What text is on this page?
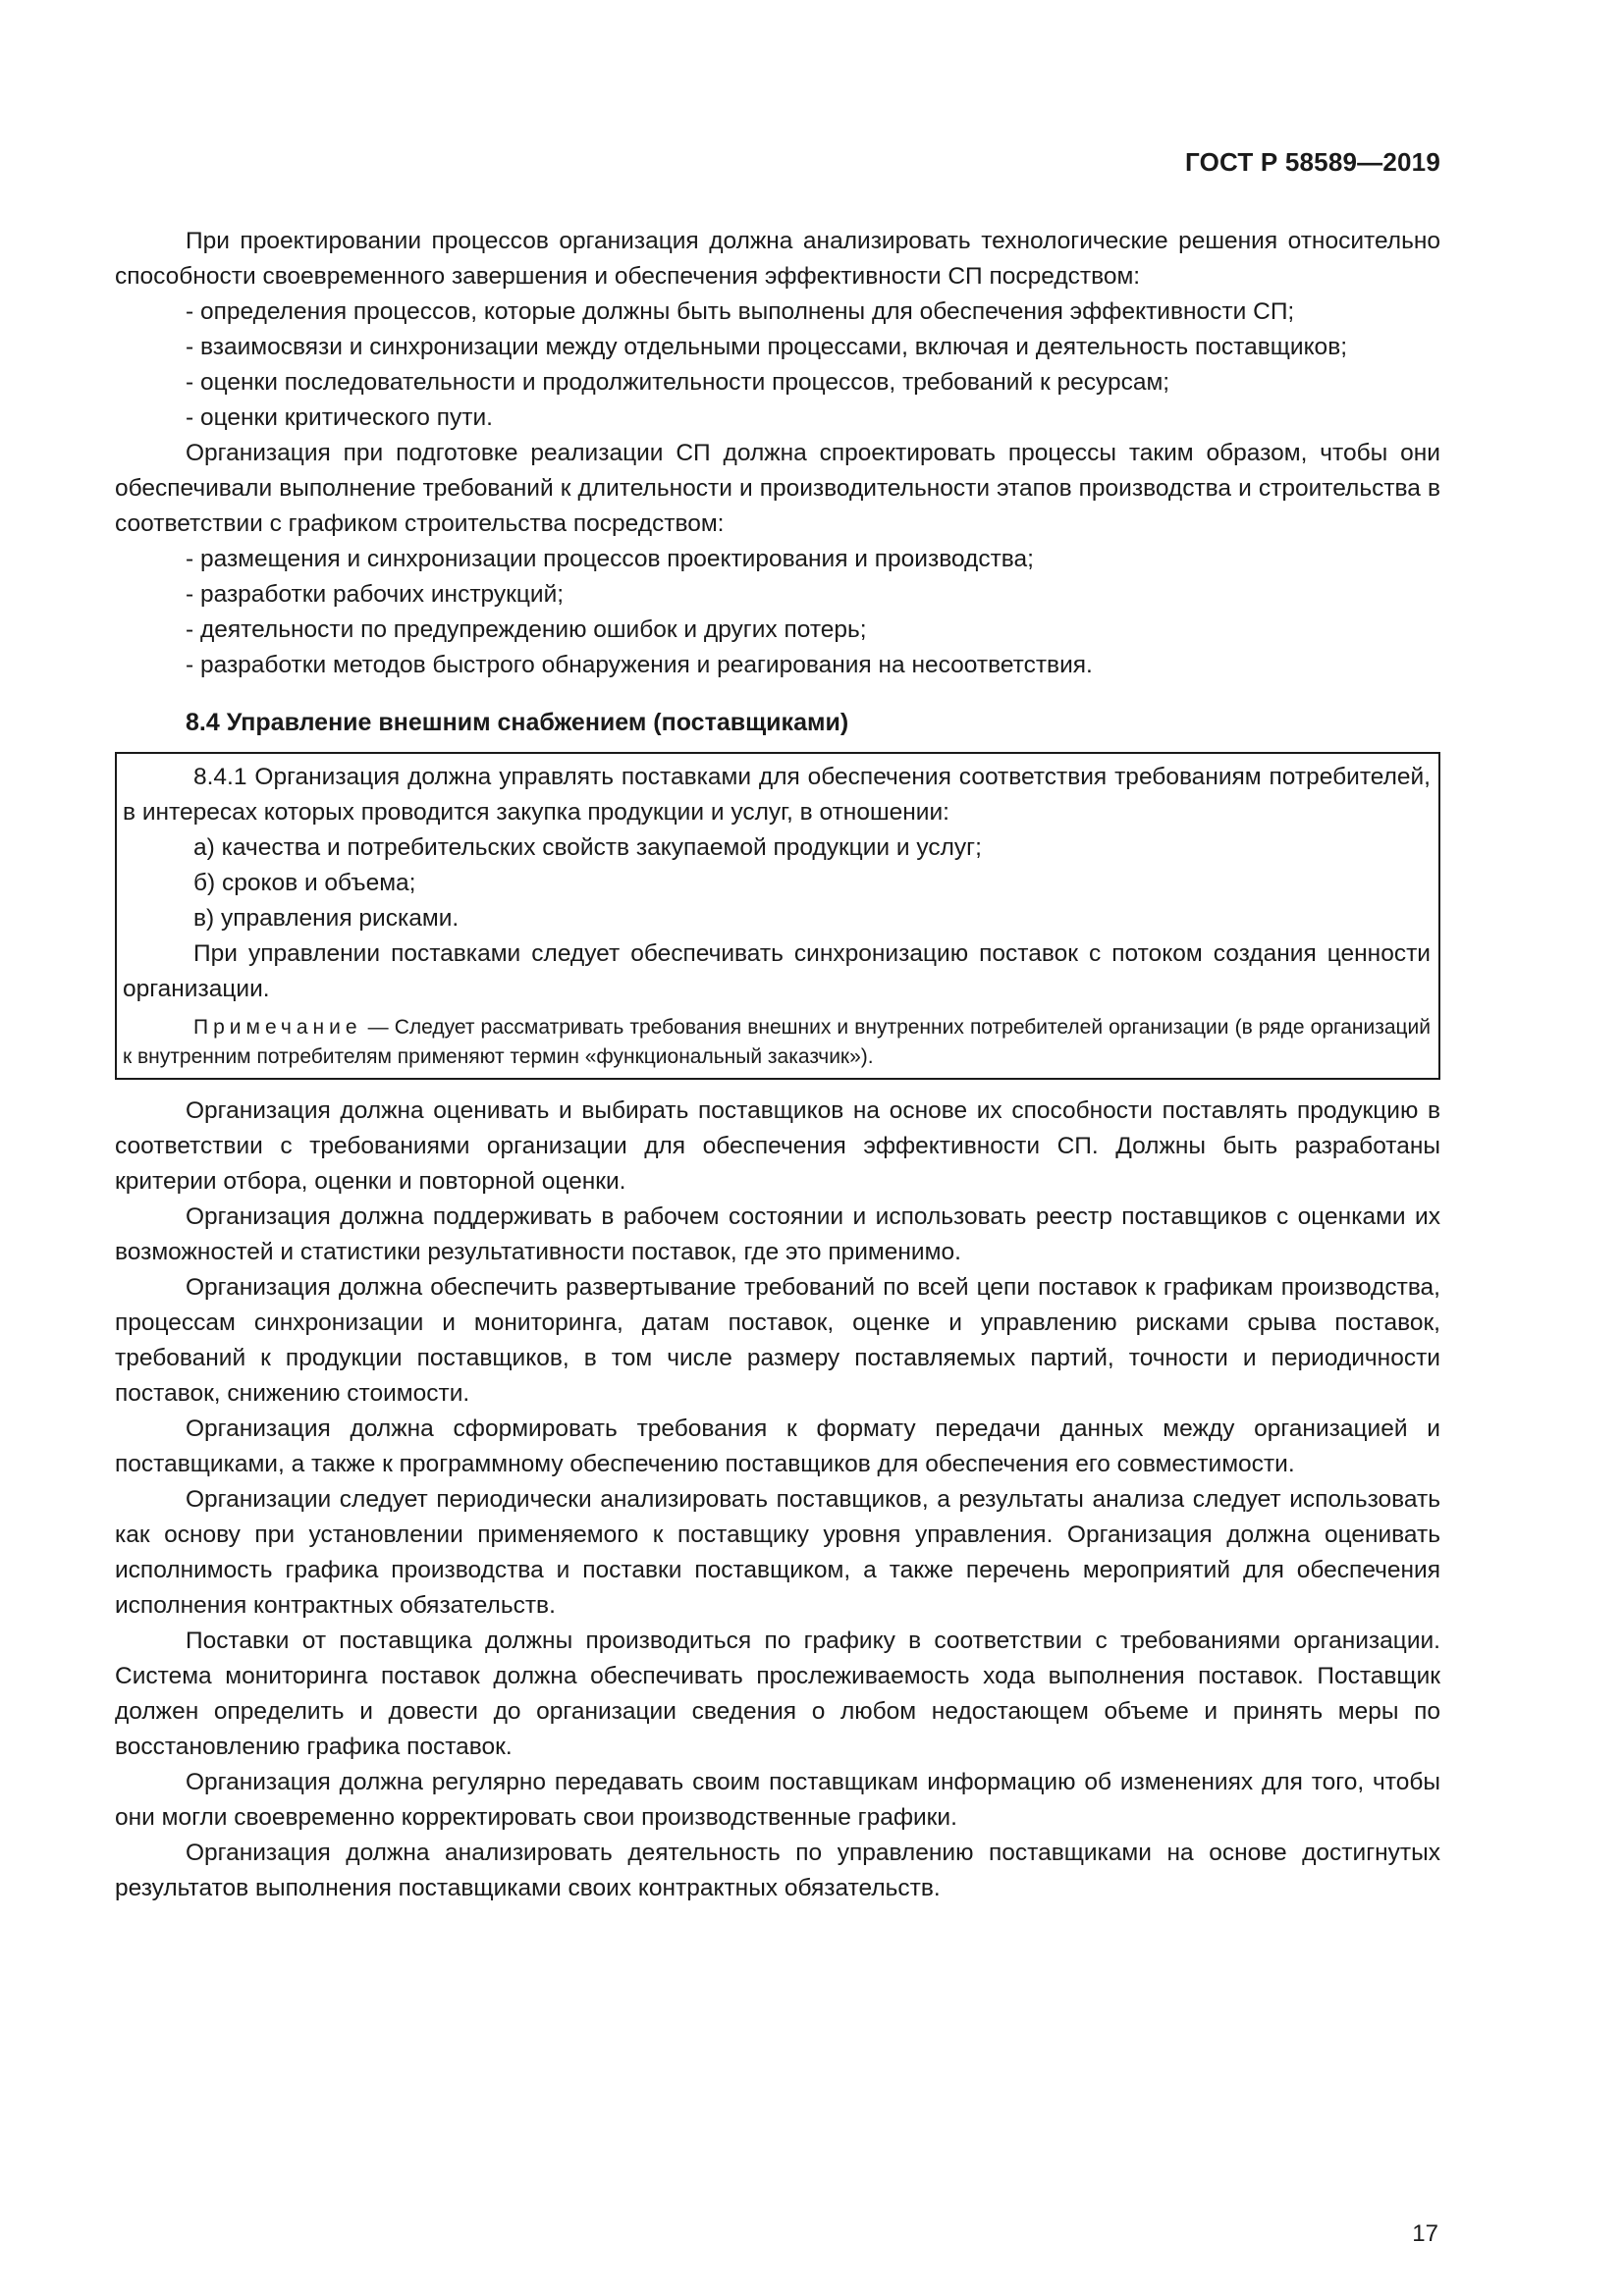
ГОСТ Р 58589—2019

При проектировании процессов организация должна анализировать технологические решения относительно способности своевременного завершения и обеспечения эффективности СП посредством:

- определения процессов, которые должны быть выполнены для обеспечения эффективности СП;

- взаимосвязи и синхронизации между отдельными процессами, включая и деятельность поставщиков;

- оценки последовательности и продолжительности процессов, требований к ресурсам;

- оценки критического пути.

Организация при подготовке реализации СП должна спроектировать процессы таким образом, чтобы они обеспечивали выполнение требований к длительности и производительности этапов производства и строительства в соответствии с графиком строительства посредством:

- размещения и синхронизации процессов проектирования и производства;

- разработки рабочих инструкций;

- деятельности по предупреждению ошибок и других потерь;

- разработки методов быстрого обнаружения и реагирования на несоответствия.

8.4 Управление внешним снабжением (поставщиками)

8.4.1 Организация должна управлять поставками для обеспечения соответствия требованиям потребителей, в интересах которых проводится закупка продукции и услуг, в отношении:

а) качества и потребительских свойств закупаемой продукции и услуг;

б) сроков и объема;

в) управления рисками.

При управлении поставками следует обеспечивать синхронизацию поставок с потоком создания ценности организации.

Примечание — Следует рассматривать требования внешних и внутренних потребителей организации (в ряде организаций к внутренним потребителям применяют термин «функциональный заказчик»).

Организация должна оценивать и выбирать поставщиков на основе их способности поставлять продукцию в соответствии с требованиями организации для обеспечения эффективности СП. Должны быть разработаны критерии отбора, оценки и повторной оценки.

Организация должна поддерживать в рабочем состоянии и использовать реестр поставщиков с оценками их возможностей и статистики результативности поставок, где это применимо.

Организация должна обеспечить развертывание требований по всей цепи поставок к графикам производства, процессам синхронизации и мониторинга, датам поставок, оценке и управлению рисками срыва поставок, требований к продукции поставщиков, в том числе размеру поставляемых партий, точности и периодичности поставок, снижению стоимости.

Организация должна сформировать требования к формату передачи данных между организацией и поставщиками, а также к программному обеспечению поставщиков для обеспечения его совместимости.

Организации следует периодически анализировать поставщиков, а результаты анализа следует использовать как основу при установлении применяемого к поставщику уровня управления. Организация должна оценивать исполнимость графика производства и поставки поставщиком, а также перечень мероприятий для обеспечения исполнения контрактных обязательств.

Поставки от поставщика должны производиться по графику в соответствии с требованиями организации. Система мониторинга поставок должна обеспечивать прослеживаемость хода выполнения поставок. Поставщик должен определить и довести до организации сведения о любом недостающем объеме и принять меры по восстановлению графика поставок.

Организация должна регулярно передавать своим поставщикам информацию об изменениях для того, чтобы они могли своевременно корректировать свои производственные графики.

Организация должна анализировать деятельность по управлению поставщиками на основе достигнутых результатов выполнения поставщиками своих контрактных обязательств.

17
